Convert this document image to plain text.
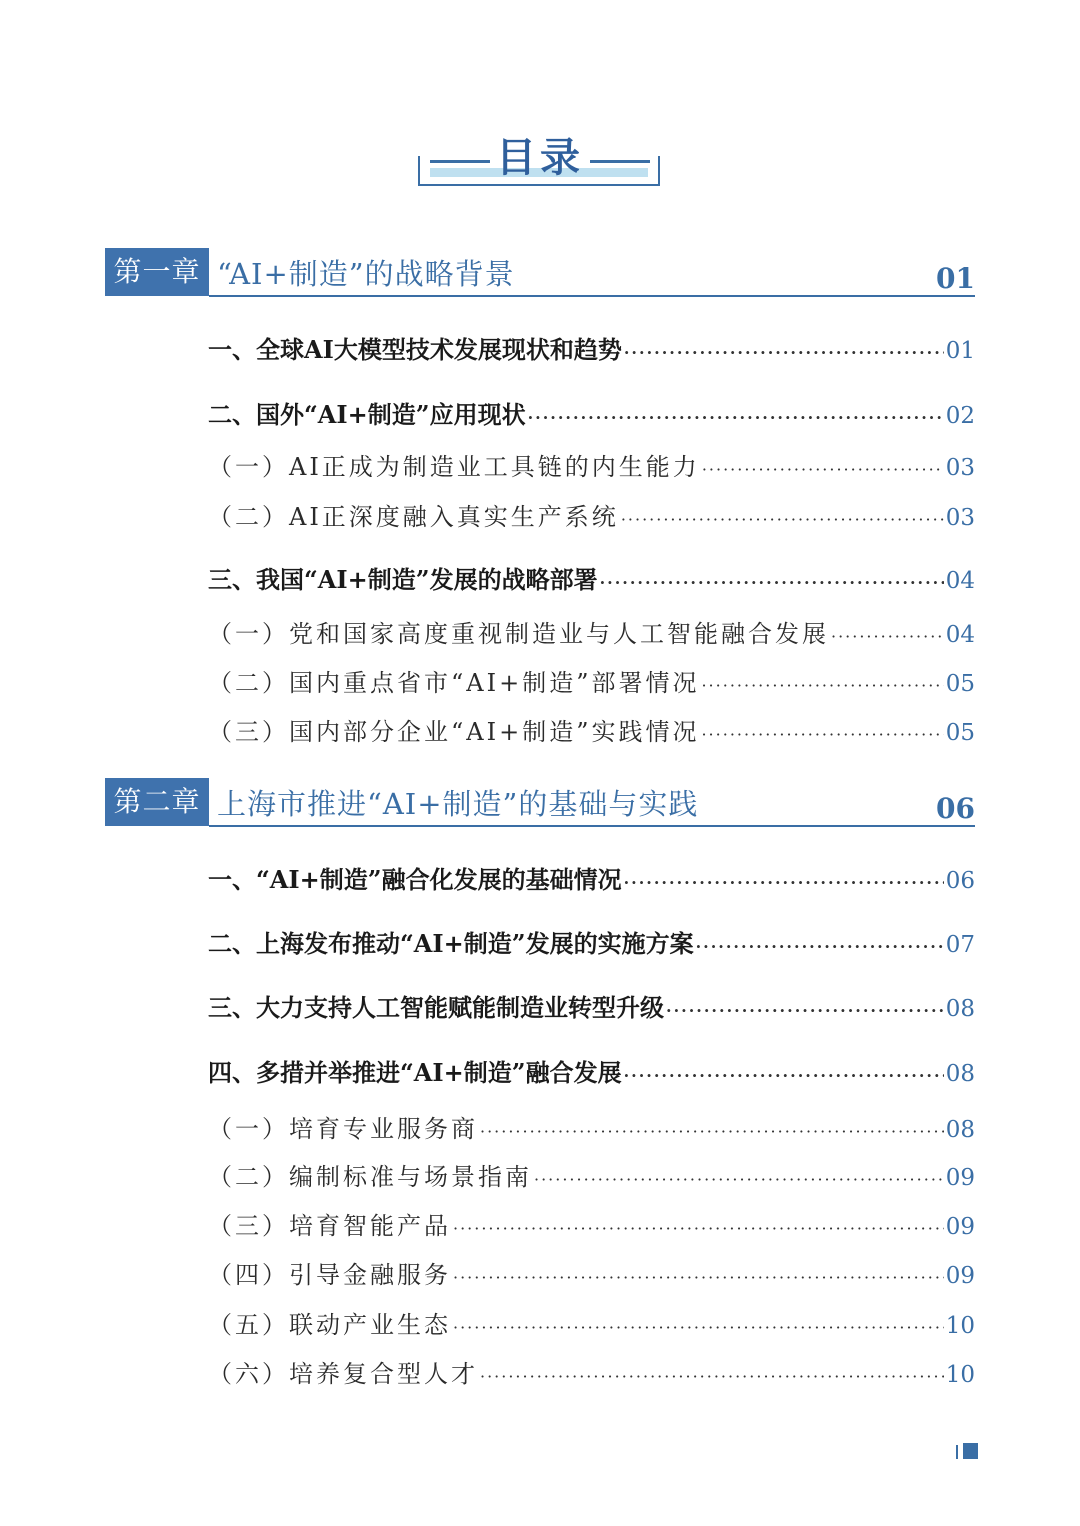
目录
第一章 “AI+制造”的战略背景	01
一、全球AI大模型技术发展现状和趋势 ·····	01
二、国外“AI+制造”应用现状 ·····	02
（一）AI正成为制造业工具链的内生能力 ·····	03
（二）AI正深度融入真实生产系统 ·····	03
三、我国“AI+制造”发展的战略部署 ·····	04
（一）党和国家高度重视制造业与人工智能融合发展 ·····	04
（二）国内重点省市“AI+制造”部署情况 ·····	05
（三）国内部分企业“AI+制造”实践情况 ·····	05
第二章 上海市推进“AI+制造”的基础与实践	06
一、“AI+制造”融合化发展的基础情况 ·····	06
二、上海发布推动“AI+制造”发展的实施方案 ·····	07
三、大力支持人工智能赋能制造业转型升级 ·····	08
四、多措并举推进“AI+制造”融合发展 ·····	08
（一）培育专业服务商 ·····	08
（二）编制标准与场景指南 ·····	09
（三）培育智能产品 ·····	09
（四）引导金融服务 ·····	09
（五）联动产业生态 ·····	10
（六）培养复合型人才 ·····	10
